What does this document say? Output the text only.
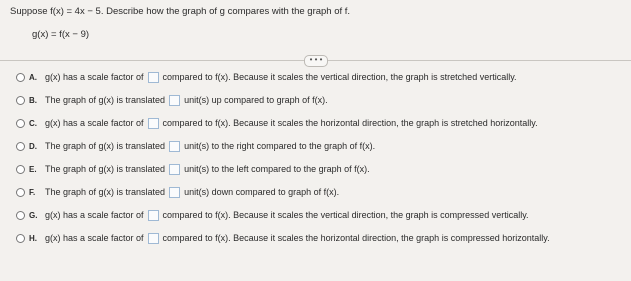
Suppose f(x) = 4x − 5. Describe how the graph of g compares with the graph of f.
g(x) = f(x − 9)
• • •
A. g(x) has a scale factor of compared to f(x). Because it scales the vertical direction, the graph is stretched vertically.
B. The graph of g(x) is translated unit(s) up compared to graph of f(x).
C. g(x) has a scale factor of compared to f(x). Because it scales the horizontal direction, the graph is stretched horizontally.
D. The graph of g(x) is translated unit(s) to the right compared to the graph of f(x).
E. The graph of g(x) is translated unit(s) to the left compared to the graph of f(x).
F.	The graph of g(x) is translated unit(s) down compared to graph of f(x).
G. g(x) has a scale factor of compared to f(x). Because it scales the vertical direction, the graph is compressed vertically.
H. g(x) has a scale factor of compared to f(x). Because it scales the horizontal direction, the graph is compressed horizontally.
